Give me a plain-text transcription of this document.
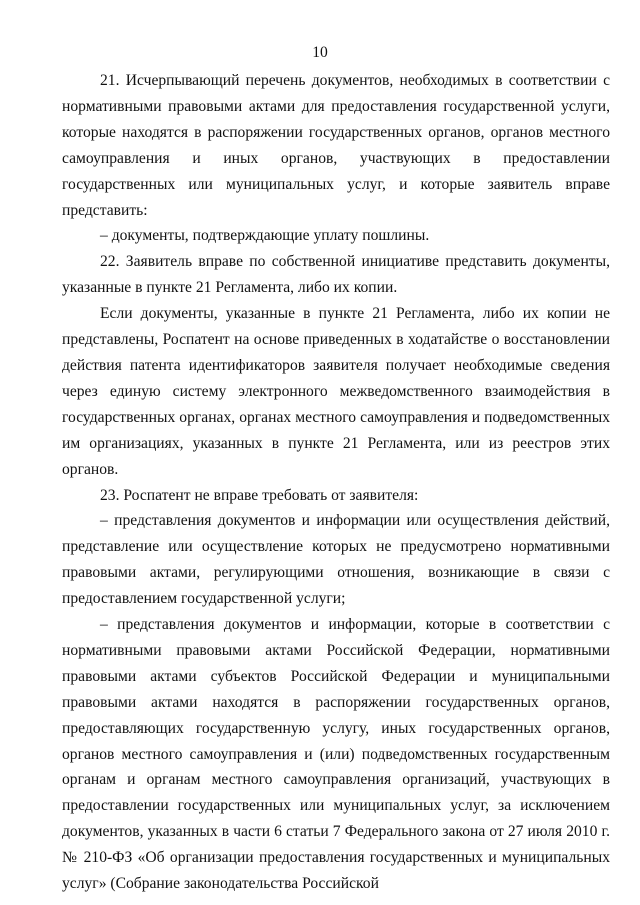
10

21. Исчерпывающий перечень документов, необходимых в соответствии с нормативными правовыми актами для предоставления государственной услуги, которые находятся в распоряжении государственных органов, органов местного самоуправления и иных органов, участвующих в предоставлении государственных или муниципальных услуг, и которые заявитель вправе представить:

– документы, подтверждающие уплату пошлины.

22. Заявитель вправе по собственной инициативе представить документы, указанные в пункте 21 Регламента, либо их копии.

Если документы, указанные в пункте 21 Регламента, либо их копии не представлены, Роспатент на основе приведенных в ходатайстве о восстановлении действия патента идентификаторов заявителя получает необходимые сведения через единую систему электронного межведомственного взаимодействия в государственных органах, органах местного самоуправления и подведомственных им организациях, указанных в пункте 21 Регламента, или из реестров этих органов.

23. Роспатент не вправе требовать от заявителя:

– представления документов и информации или осуществления действий, представление или осуществление которых не предусмотрено нормативными правовыми актами, регулирующими отношения, возникающие в связи с предоставлением государственной услуги;

– представления документов и информации, которые в соответствии с нормативными правовыми актами Российской Федерации, нормативными правовыми актами субъектов Российской Федерации и муниципальными правовыми актами находятся в распоряжении государственных органов, предоставляющих государственную услугу, иных государственных органов, органов местного самоуправления и (или) подведомственных государственным органам и органам местного самоуправления организаций, участвующих в предоставлении государственных или муниципальных услуг, за исключением документов, указанных в части 6 статьи 7 Федерального закона от 27 июля 2010 г. № 210-ФЗ «Об организации предоставления государственных и муниципальных услуг» (Собрание законодательства Российской
